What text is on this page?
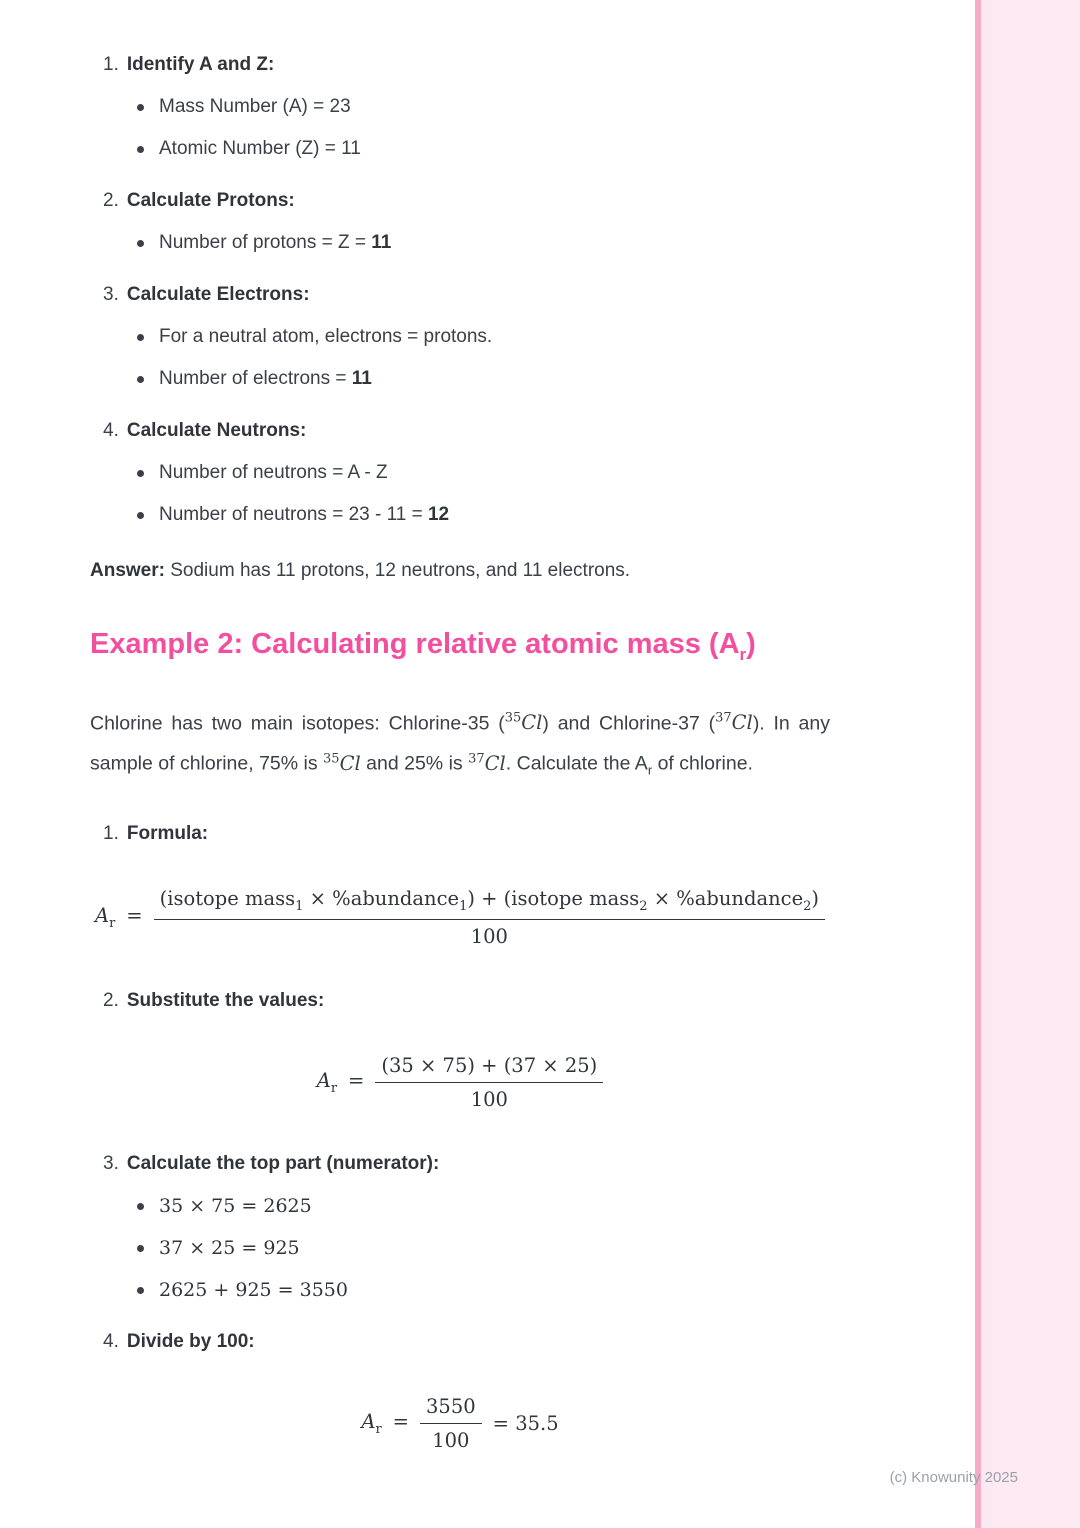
1. Identify A and Z:
Mass Number (A) = 23
Atomic Number (Z) = 11
2. Calculate Protons:
Number of protons = Z = 11
3. Calculate Electrons:
For a neutral atom, electrons = protons.
Number of electrons = 11
4. Calculate Neutrons:
Number of neutrons = A - Z
Number of neutrons = 23 - 11 = 12

Answer: Sodium has 11 protons, 12 neutrons, and 11 electrons.

Example 2: Calculating relative atomic mass $(A_r)$

Chlorine has two main isotopes: Chlorine-35 ($^{35}$Cl) and Chlorine-37 ($^{37}$Cl). In any sample of chlorine, 75% is $^{35}$Cl and 25% is $^{37}$Cl. Calculate the $A_r$ of chlorine.

1. Formula:
$A_r$ =
(isotope mass$_1$ × %abundance$_1$) + (isotope mass$_2$ × %abundance$_2$)
100
2. Substitute the values:
$A_r = \frac{(35 \times 75) + (37 \times 25)}{100}$
3. Calculate the top part (numerator):
35 × 75 = 2625
37 × 25 = 925
2625 + 925 = 3550
4. Divide by 100:
$A_r = \frac{3550}{100} = 35.5$
(c) Knowunity 2025
